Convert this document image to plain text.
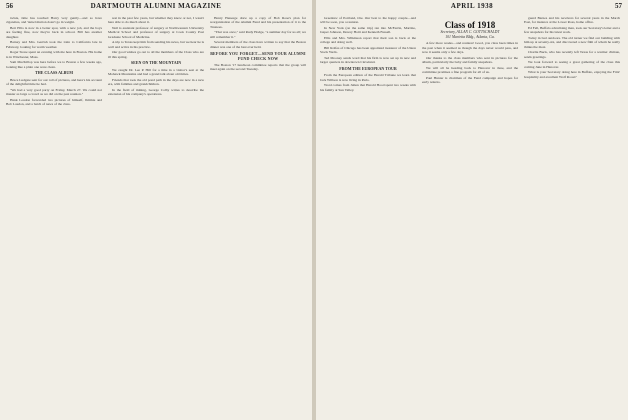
56	DARTMOUTH ALUMNI MAGAZINE

twists, time has touched Harry very gently—and so have cigarettes, and 'tarnel mutton dosn't go in weight.

Bert Ellis is now in a better spot, with a new job, and the boys are feeling fine, now they're back in school. Bill has another daughter.

Barney and Mrs. Gerrish took the train to California late in February, looking for warm weather.

Roger Stone spent an evening with me here in Boston. His home is in Winchester, Mass.

Sam MacKillop was here before we to Boston a few weeks ago, looking like a plain one were clean.

THE CLASS ALBUM

Bruce Ludgate sent for our roll of pictures, and here's his account of the delightful time he had.

"We had a very good party on Friday, March 27. We could not muster as large a crowd as we did on the past reunion."

Hank Loudon forwarded two pictures of himself, Jimmie and Bob Loudon, and a batch of news of the class.

rest in the past few years, but whether they know or not, I wasn't here able to do much about it.

Neil is assistant professor of surgery at Northwestern University Medical School and professor of surgery at Cook County Post Graduate School of Medicine.

A trip to Texas kept him from sending his news, but we hear he is well and active in his practice.

Our good wishes go out to all the members of the Class who are ill this spring.

SEEN ON THE MOUNTAIN

We caught Dr. Lee P. Hill for a time in a visitor's seat at the Mohawk Mountains and had a grand talk about old times.

Friends that took the old pond path in the days are now in a new era, with families and grandchildren.

In the field of mining, George Colby writes to describe the extension of his company's operations.

Henry Heneage drew up a copy of Bob Rose's plan for reorganization of the Alumni Fund and his presentation of it to the Trustees.

"That was once," said Rudy Hodge, "a summer day for us all; we still remember it."

Several members of the class have written to say that the Boston dinner was one of the best ever held.

BEFORE YOU FORGET—SEND YOUR ALUMNI FUND CHECK NOW

The Boston '17 luncheon committee reports that the group will meet again on the second Tuesday.

APRIL 1938	57

Greenlaw of Portland, Ore. Our best to the happy couple—and will be soon, you a reunion.

In New York (on the same trip) ran into McFerrin, Martino, Jasper Johnson, Dewey Hoitt and Kenneth Fussell.

Ellis and Mrs. Wilkinson report that their son is back at the college and doing well.

Bill Rolfes of Chicago has been appointed treasurer of the Union Stock Yards.

Ted Mooney sends word that his firm is now set up in new and larger quarters in downtown Cleveland.

FROM THE EUROPEAN TOUR

From the European edition of the Herald Tribune we learn that Jack Willson is now living in Paris.

Word comes from Julien that Harold Hood spent two weeks with his family at Sun Valley.

Class of 1918
Secretary, ALLAN C. GOTTSCHALDT
101 Marietta Bldg., Atlanta, Ga.

A few more weeks—and reunion! Good, you class been times in the past when it seemed as though the days never would pass, and now it seems only a few days.

Our thanks to the class members who sent in pictures for the album, particularly the baby and family snapshots.

We will all be heading back to Hanover in June, and the committee promises a fine program for all of us.

Paul Hunter is chairman of the Fund campaign and hopes for early returns.

guard Barnes and his receivers for several years in the March East, for instance at the Lower Ross, home office.

Ed Fell, Buffalo advertising man, took our Secretary's letter and a few snapshots for his latest work.

Today in bad outdoors. The old turner we find our building with him up at seventy-six, and discovered a new film of whom he really thinks the most.

Charlie Buck, who has recently left Texas for a warmer climate, sends greetings.

We look forward to seeing a great gathering of the class this coming June in Hanover.

What is your Secretary doing here in Buffalo, enjoying the Fritz' hospitality and excellent Wolf Roost?
